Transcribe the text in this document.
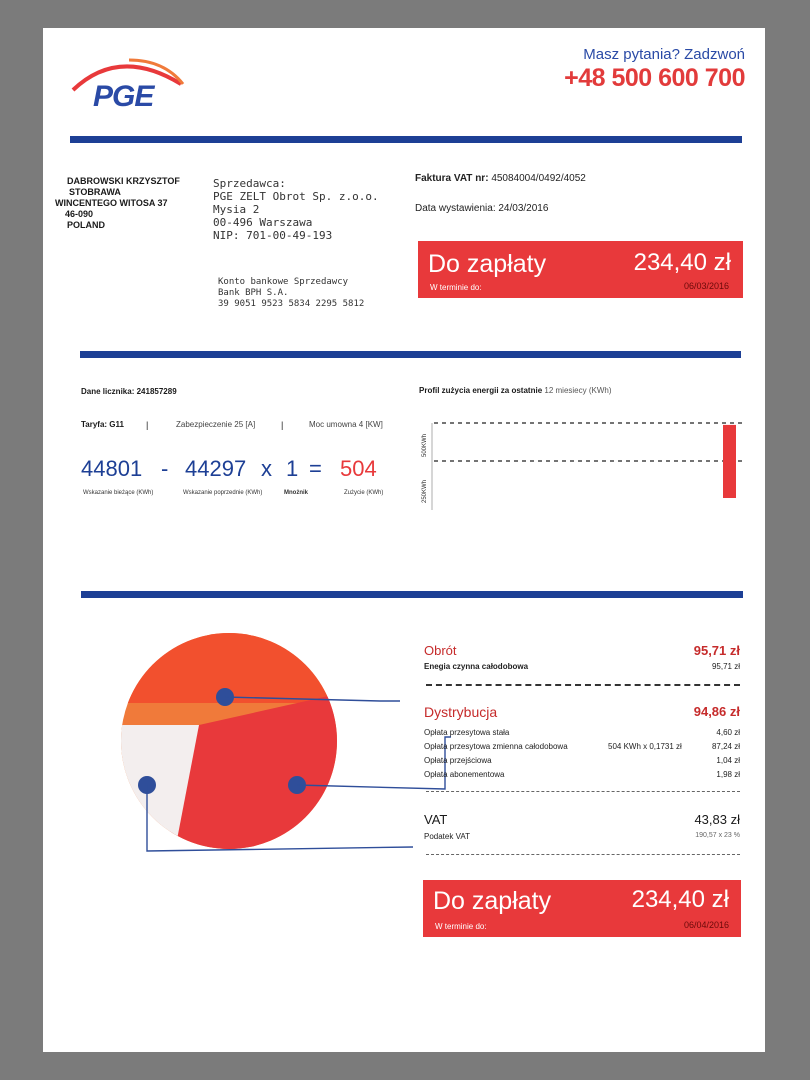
PGE
Masz pytania? Zadzwoń
+48 500 600 700
DABROWSKI KRZYSZTOF
STOBRAWA
WINCENTEGO WITOSA 37
46-090
POLAND
Sprzedawca:
PGE ZELT Obrot Sp. z.o.o.
Mysia 2
00-496 Warszawa
NIP: 701-00-49-193
Konto bankowe Sprzedawcy
Bank BPH S.A.
39 9051 9523 5834 2295 5812
Faktura VAT nr: 45084004/0492/4052
Data wystawienia: 24/03/2016
Do zapłaty	234,40 zł
W terminie do:	06/03/2016
Dane licznika: 241857289
Taryfa: G11 |	Zabezpieczenie 25 [A]	|	Moc umowna 4 [KW]
44801 - 44297 x 1 = 504
Wskazanie bieżące (KWh)	Wskazanie poprzednie (KWh)	Mnożnik	Zużycie (KWh)
Profil zużycia energii za ostatnie 12 miesiecy (KWh)
500KWh
250KWh
Obrót	95,71 zł
Enegia czynna całodobowa	95,71 zł
Dystrybucja	94,86 zł
Opłata przesytowa stała	4,60 zł
Opłata przesytowa zmienna całodobowa	504 KWh x 0,1731 zł	87,24 zł
Opłata przejściowa	1,04 zł
Opłata abonementowa	1,98 zł
VAT	43,83 zł
Podatek VAT	190,57 x 23 %
Do zapłaty	234,40 zł
W terminie do:	06/04/2016
